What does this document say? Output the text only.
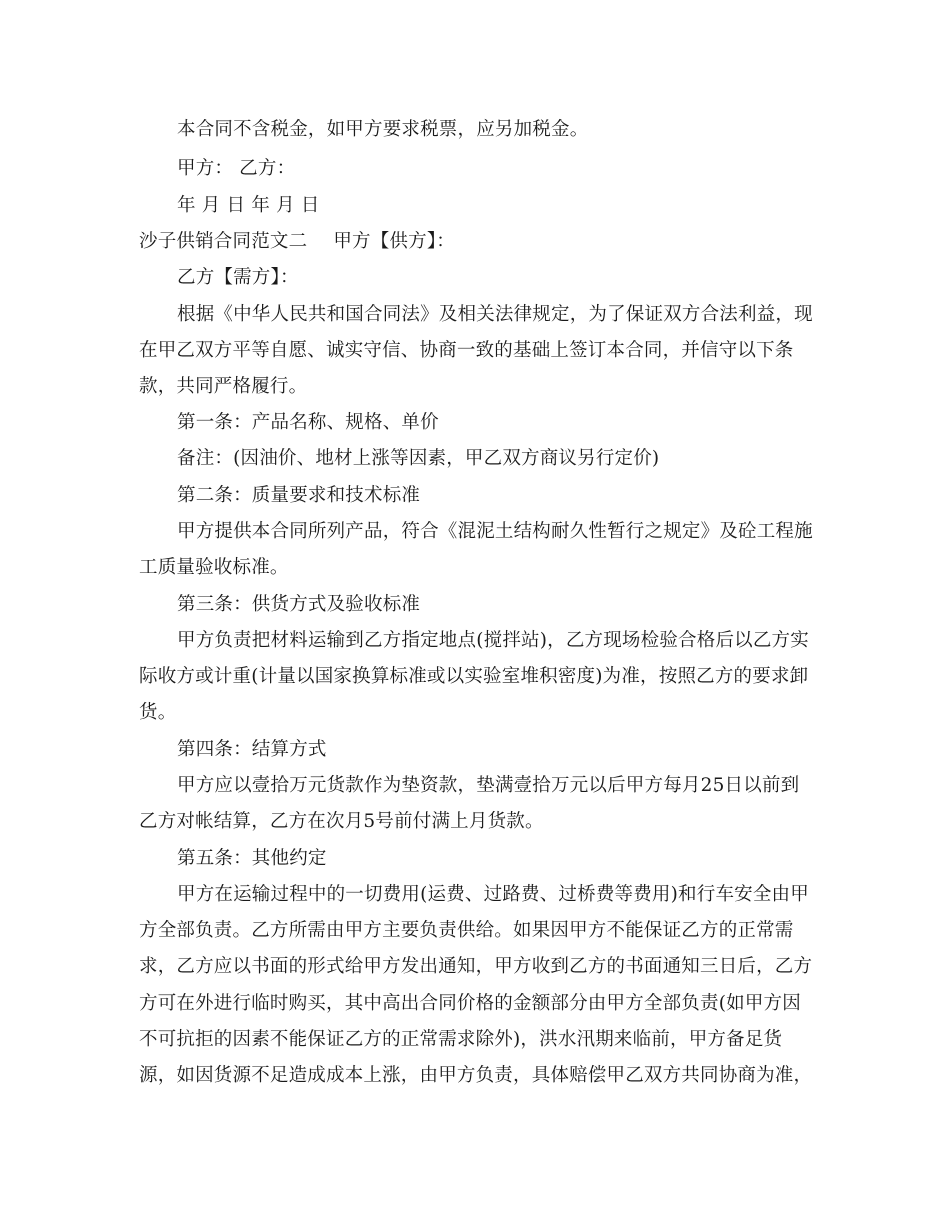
本合同不含税金，如甲方要求税票，应另加税金。
甲方： 乙方：
年 月 日 年 月 日
沙子供销合同范文二 甲方【供方】：
乙方【需方】：
根据《中华人民共和国合同法》及相关法律规定，为了保证双方合法利益，现
在甲乙双方平等自愿、诚实守信、协商一致的基础上签订本合同，并信守以下条
款，共同严格履行。
第一条：产品名称、规格、单价
备注：(因油价、地材上涨等因素，甲乙双方商议另行定价)
第二条：质量要求和技术标准
甲方提供本合同所列产品，符合《混泥土结构耐久性暂行之规定》及砼工程施
工质量验收标准。
第三条：供货方式及验收标准
甲方负责把材料运输到乙方指定地点(搅拌站)，乙方现场检验合格后以乙方实
际收方或计重(计量以国家换算标准或以实验室堆积密度)为准，按照乙方的要求卸
货。
第四条：结算方式
甲方应以壹拾万元货款作为垫资款，垫满壹拾万元以后甲方每月25日以前到
乙方对帐结算，乙方在次月5号前付满上月货款。
第五条：其他约定
甲方在运输过程中的一切费用(运费、过路费、过桥费等费用)和行车安全由甲
方全部负责。乙方所需由甲方主要负责供给。如果因甲方不能保证乙方的正常需
求，乙方应以书面的形式给甲方发出通知，甲方收到乙方的书面通知三日后，乙方
方可在外进行临时购买，其中高出合同价格的金额部分由甲方全部负责(如甲方因
不可抗拒的因素不能保证乙方的正常需求除外)，洪水汛期来临前，甲方备足货
源，如因货源不足造成成本上涨，由甲方负责，具体赔偿甲乙双方共同协商为准，
